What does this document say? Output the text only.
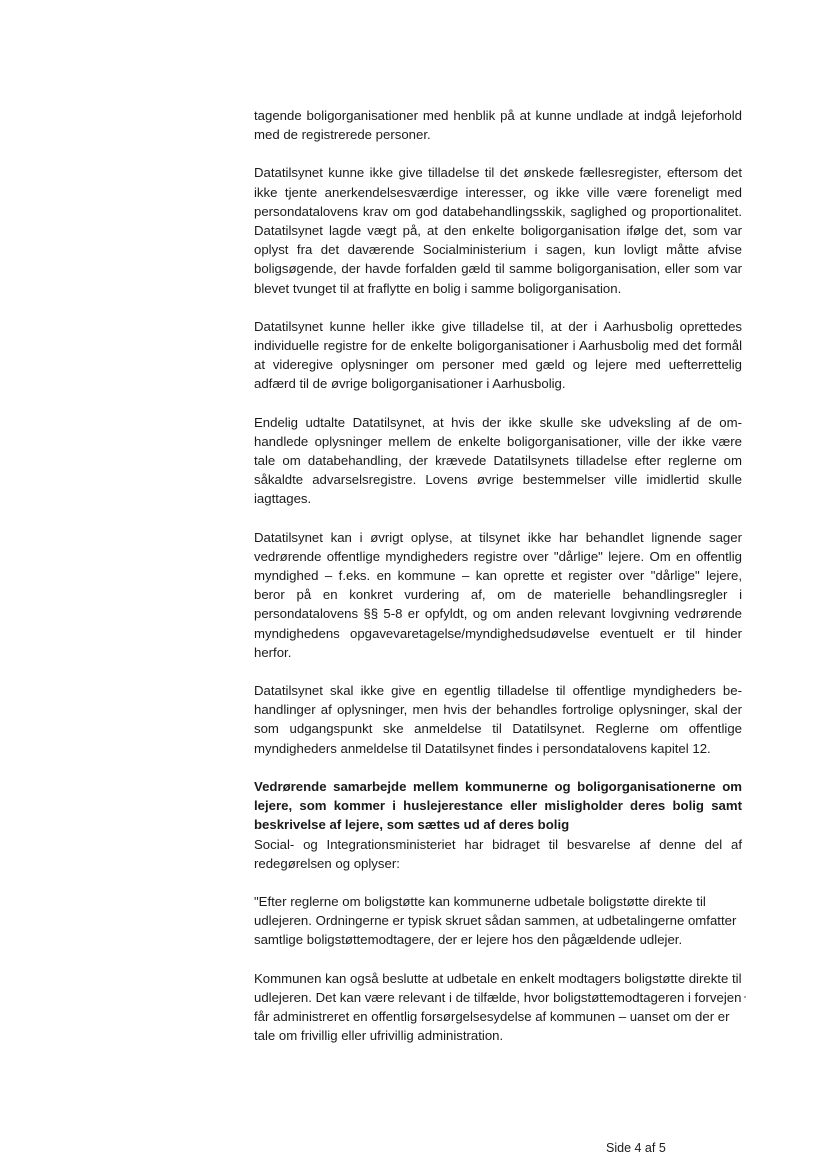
tagende boligorganisationer med henblik på at kunne undlade at indgå lejeforhold med de registrerede personer.

Datatilsynet kunne ikke give tilladelse til det ønskede fællesregister, eftersom det ikke tjente anerkendelsesværdige interesser, og ikke ville være foreneligt med persondatalovens krav om god databehandlingsskik, saglighed og proportionalitet. Datatilsynet lagde vægt på, at den enkelte boligorganisation ifølge det, som var oplyst fra det daværende Socialministerium i sagen, kun lovligt måtte afvise boligsøgende, der havde forfalden gæld til samme boligorganisation, eller som var blevet tvunget til at fraflytte en bolig i samme boligorganisation.

Datatilsynet kunne heller ikke give tilladelse til, at der i Aarhusbolig oprettedes individuelle registre for de enkelte boligorganisationer i Aarhusbolig med det formål at videregive oplysninger om personer med gæld og lejere med uefterrettelig adfærd til de øvrige boligorganisationer i Aarhusbolig.

Endelig udtalte Datatilsynet, at hvis der ikke skulle ske udveksling af de omhandlede oplysninger mellem de enkelte boligorganisationer, ville der ikke være tale om databehandling, der krævede Datatilsynets tilladelse efter reglerne om såkaldte advarselsregistre. Lovens øvrige bestemmelser ville imidlertid skulle iagttages.

Datatilsynet kan i øvrigt oplyse, at tilsynet ikke har behandlet lignende sager vedrørende offentlige myndigheders registre over "dårlige" lejere. Om en offentlig myndighed – f.eks. en kommune – kan oprette et register over "dårlige" lejere, beror på en konkret vurdering af, om de materielle behandlingsregler i persondatalovens §§ 5-8 er opfyldt, og om anden relevant lovgivning vedrørende myndighedens opgavevaretagelse/myndighedsudøvelse eventuelt er til hinder herfor.

Datatilsynet skal ikke give en egentlig tilladelse til offentlige myndigheders behandlinger af oplysninger, men hvis der behandles fortrolige oplysninger, skal der som udgangspunkt ske anmeldelse til Datatilsynet. Reglerne om offentlige myndigheders anmeldelse til Datatilsynet findes i persondatalovens kapitel 12.

Vedrørende samarbejde mellem kommunerne og boligorganisationerne om lejere, som kommer i huslejerestance eller misligholder deres bolig samt beskrivelse af lejere, som sættes ud af deres bolig

Social- og Integrationsministeriet har bidraget til besvarelse af denne del af redegørelsen og oplyser:

"Efter reglerne om boligstøtte kan kommunerne udbetale boligstøtte direkte til udlejeren. Ordningerne er typisk skruet sådan sammen, at udbetalingerne omfatter samtlige boligstøttemodtagere, der er lejere hos den pågældende udlejer.

Kommunen kan også beslutte at udbetale en enkelt modtagers boligstøtte direkte til udlejeren. Det kan være relevant i de tilfælde, hvor boligstøttemodtageren i forvejen får administreret en offentlig forsørgelsesydelse af kommunen – uanset om der er tale om frivillig eller ufrivillig administration.

Side 4 af 5
